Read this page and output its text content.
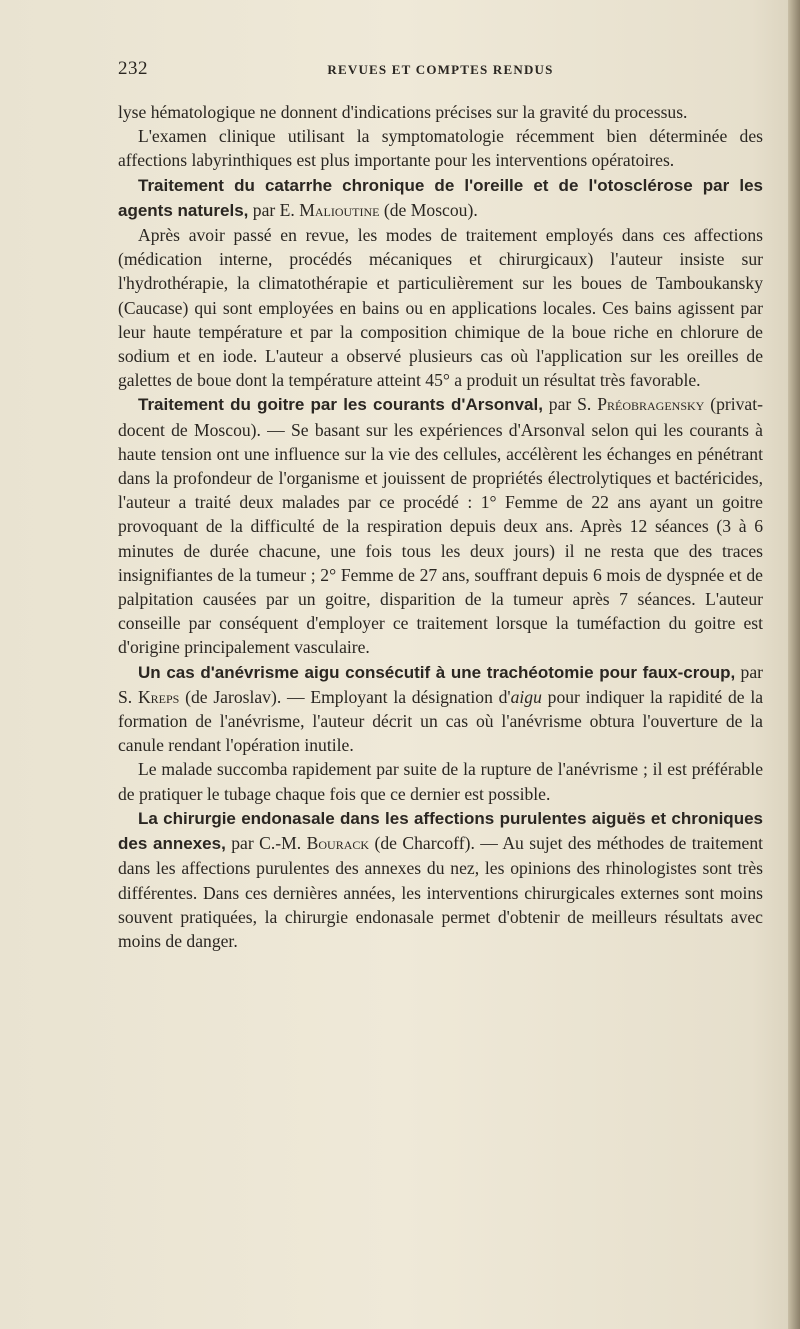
232	REVUES ET COMPTES RENDUS

lyse hématologique ne donnent d'indications précises sur la gravité du processus.

L'examen clinique utilisant la symptomatologie récemment bien déterminée des affections labyrinthiques est plus importante pour les interventions opératoires.

Traitement du catarrhe chronique de l'oreille et de l'otosclérose par les agents naturels, par E. Malioutine (de Moscou).

Après avoir passé en revue, les modes de traitement employés dans ces affections (médication interne, procédés mécaniques et chirurgicaux) l'auteur insiste sur l'hydrothérapie, la climatothérapie et particulièrement sur les boues de Tamboukansky (Caucase) qui sont employées en bains ou en applications locales. Ces bains agissent par leur haute température et par la composition chimique de la boue riche en chlorure de sodium et en iode. L'auteur a observé plusieurs cas où l'application sur les oreilles de galettes de boue dont la température atteint 45° a produit un résultat très favorable.

Traitement du goitre par les courants d'Arsonval, par S. Préobragensky (privat-docent de Moscou). — Se basant sur les expériences d'Arsonval selon qui les courants à haute tension ont une influence sur la vie des cellules, accélèrent les échanges en pénétrant dans la profondeur de l'organisme et jouissent de propriétés électrolytiques et bactéricides, l'auteur a traité deux malades par ce procédé : 1° Femme de 22 ans ayant un goitre provoquant de la difficulté de la respiration depuis deux ans. Après 12 séances (3 à 6 minutes de durée chacune, une fois tous les deux jours) il ne resta que des traces insignifiantes de la tumeur ; 2° Femme de 27 ans, souffrant depuis 6 mois de dyspnée et de palpitation causées par un goitre, disparition de la tumeur après 7 séances. L'auteur conseille par conséquent d'employer ce traitement lorsque la tuméfaction du goitre est d'origine principalement vasculaire.

Un cas d'anévrisme aigu consécutif à une trachéotomie pour faux-croup, par S. Kreps (de Jaroslav). — Employant la désignation d'aigu pour indiquer la rapidité de la formation de l'anévrisme, l'auteur décrit un cas où l'anévrisme obtura l'ouverture de la canule rendant l'opération inutile.

Le malade succomba rapidement par suite de la rupture de l'anévrisme ; il est préférable de pratiquer le tubage chaque fois que ce dernier est possible.

La chirurgie endonasale dans les affections purulentes aiguës et chroniques des annexes, par C.-M. Bourack (de Charcoff). — Au sujet des méthodes de traitement dans les affections purulentes des annexes du nez, les opinions des rhinologistes sont très différentes. Dans ces dernières années, les interventions chirurgicales externes sont moins souvent pratiquées, la chirurgie endonasale permet d'obtenir de meilleurs résultats avec moins de danger.
